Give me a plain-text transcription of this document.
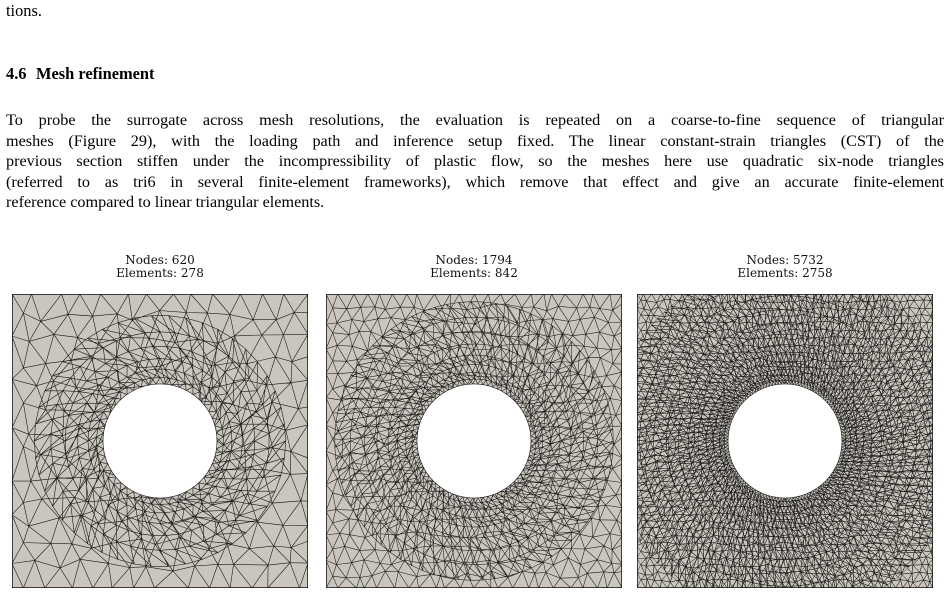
tions.

4.6 Mesh refinement

To probe the surrogate across mesh resolutions, the evaluation is repeated on a coarse-to-fine sequence of triangular
meshes (Figure 29), with the loading path and inference setup fixed. The linear constant-strain triangles (CST) of the
previous section stiffen under the incompressibility of plastic flow, so the meshes here use quadratic six-node triangles
(referred to as tri6 in several finite-element frameworks), which remove that effect and give an accurate finite-element
reference compared to linear triangular elements.

Nodes: 620
Elements: 278
Nodes: 1794
Elements: 842
Nodes: 5732
Elements: 2758
